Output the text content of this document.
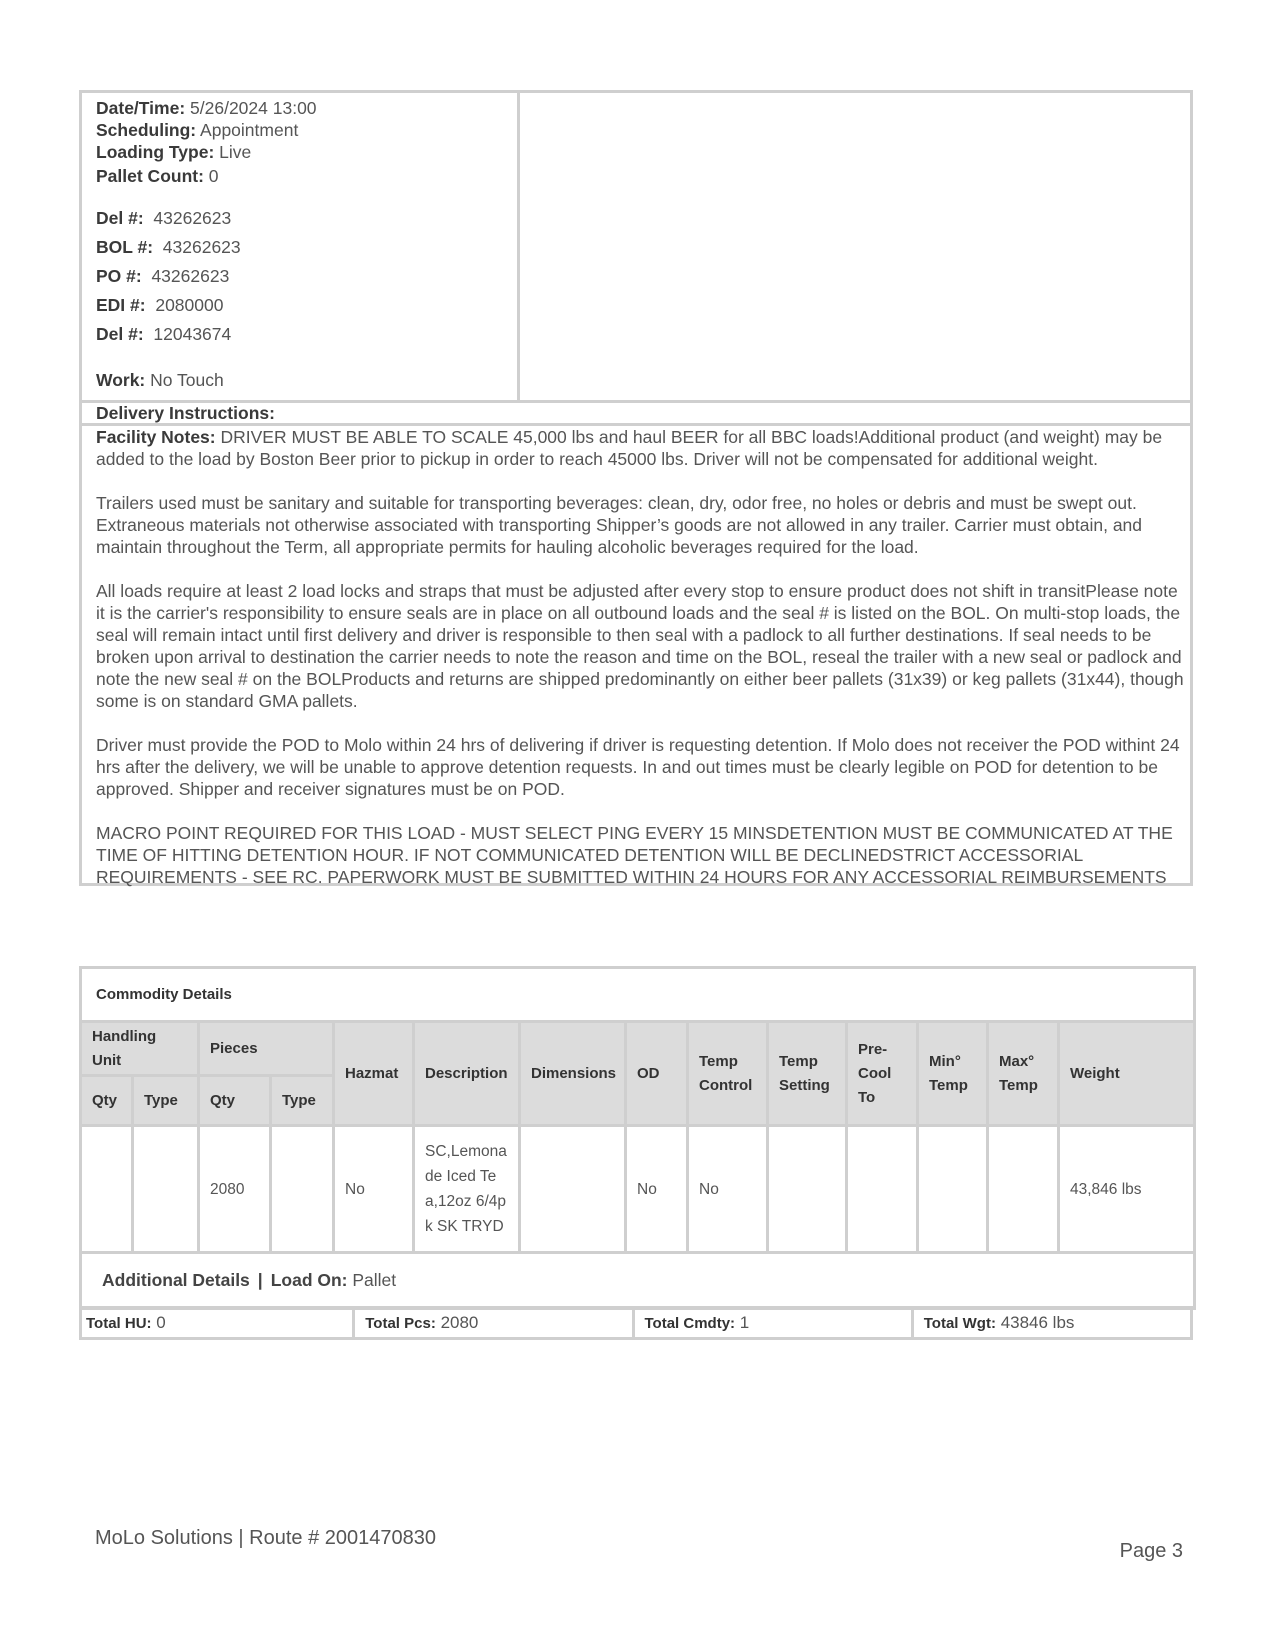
Date/Time: 5/26/2024 13:00
Scheduling: Appointment
Loading Type: Live
Pallet Count: 0
Del #: 43262623
BOL #: 43262623
PO #: 43262623
EDI #: 2080000
Del #: 12043674
Work: No Touch
Delivery Instructions:

Facility Notes: DRIVER MUST BE ABLE TO SCALE 45,000 lbs and haul BEER for all BBC loads!Additional product (and weight) may be added to the load by Boston Beer prior to pickup in order to reach 45000 lbs. Driver will not be compensated for additional weight.

Trailers used must be sanitary and suitable for transporting beverages: clean, dry, odor free, no holes or debris and must be swept out. Extraneous materials not otherwise associated with transporting Shipper’s goods are not allowed in any trailer. Carrier must obtain, and maintain throughout the Term, all appropriate permits for hauling alcoholic beverages required for the load.

All loads require at least 2 load locks and straps that must be adjusted after every stop to ensure product does not shift in transitPlease note it is the carrier's responsibility to ensure seals are in place on all outbound loads and the seal # is listed on the BOL. On multi-stop loads, the seal will remain intact until first delivery and driver is responsible to then seal with a padlock to all further destinations. If seal needs to be broken upon arrival to destination the carrier needs to note the reason and time on the BOL, reseal the trailer with a new seal or padlock and note the new seal # on the BOLProducts and returns are shipped predominantly on either beer pallets (31x39) or keg pallets (31x44), though some is on standard GMA pallets.

Driver must provide the POD to Molo within 24 hrs of delivering if driver is requesting detention. If Molo does not receiver the POD withint 24 hrs after the delivery, we will be unable to approve detention requests. In and out times must be clearly legible on POD for detention to be approved. Shipper and receiver signatures must be on POD.

MACRO POINT REQUIRED FOR THIS LOAD - MUST SELECT PING EVERY 15 MINSDETENTION MUST BE COMMUNICATED AT THE TIME OF HITTING DETENTION HOUR. IF NOT COMMUNICATED DETENTION WILL BE DECLINEDSTRICT ACCESSORIAL REQUIREMENTS - SEE RC. PAPERWORK MUST BE SUBMITTED WITHIN 24 HOURS FOR ANY ACCESSORIAL REIMBURSEMENTS

Commodity Details													
Handling Unit		Pieces		Hazmat	Description	Dimensions	OD	Temp Control	Temp Setting	Pre-Cool To	Min° Temp	Max° Temp	Weight
Qty	Type	Qty	Type										
		2080		No	SC,Lemonade Iced Tea,12oz 6/4pk SK TRYD		No	No					43,846 lbs
Additional Details | Load On: Pallet													
Total HU: 0	Total Pcs: 2080	Total Cmdty: 1	Total Wgt: 43846 lbs
MoLo Solutions | Route # 2001470830
Page 3
